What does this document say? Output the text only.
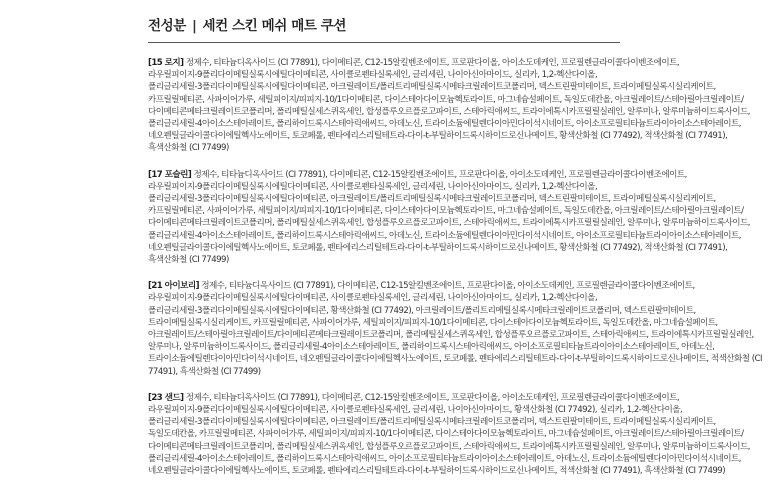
전성분 | 세컨 스킨 메쉬 매트 쿠션

[15 로지] 정제수, 티타늄디옥사이드 (CI 77891), 다이메티콘, C12-15알킬벤조에이트, 프로판다이올, 아이소도데케인, 프로필렌글라이콜다이벤조에이트, 라우릴피이지-9폴리다이메틸실록시에틸다이메티콘, 사이클로펜타실록세인, 글리세린, 나이아신아마이드, 실리카, 1,2-헥산다이올, 폴리글리세릴-3폴리다이메틸실록시에틸다이메티콘, 아크릴레이트/폴리트리메틸실록시메타크릴레이트코폴리머, 덱스트린팔미테이트, 트라이메틸실록시실리케이트, 카프릴릴메티콘, 사파이어가루, 세틸피이지/피피지-10/1다이메티콘, 다이스테아다이모늄헥토라이트, 마그네슘설페이트, 독일도데칸올, 아크릴레이트/스테아릴아크릴레이트/다이메티콘메타크릴레이트코폴리머, 폴리메틸실세스퀴옥세인, 합성플루오르플로고파이트, 스테아릭애씨드, 트라이에톡시카프릴릴실레인, 알루미나, 알루미늄하이드록사이드, 폴리글리세릴-4아이소스테아레이트, 폴리하이드록시스테아릭애씨드, 아데노신, 트라이소듐에틸렌다이아민다이석시네이트, 아이소프로필티타늄트라이아이소스테아레이트, 네오펜틸글라이콜다이에틸헥사노에이트, 토코페롤, 펜타에리스리틸테트라-다이-t-부틸하이드록시하이드로신나메이트, 황색산화철 (CI 77492), 적색산화철 (CI 77491), 흑색산화철 (CI 77499)

[17 포슬린] 정제수, 티타늄디옥사이드 (CI 77891), 다이메티콘, C12-15알킬벤조에이트, 프로판다이올, 아이소도데케인, 프로필렌글라이콜다이벤조에이트, 라우릴피이지-9폴리다이메틸실록시에틸다이메티콘, 사이클로펜타실록세인, 글리세린, 나이아신아마이드, 실리카, 1,2-헥산다이올, 폴리글리세릴-3폴리다이메틸실록시에틸다이메티콘, 아크릴레이트/폴리트리메틸실록시메타크릴레이트코폴리머, 덱스트린팔미테이트, 트라이메틸실록시실리케이트, 카프릴릴메티콘, 사파이어가루, 세틸피이지/피피지-10/1다이메티콘, 다이스테아다이모늄헥토라이트, 마그네슘설페이트, 독일도데칸올, 아크릴레이트/스테아릴아크릴레이트/다이메티콘메타크릴레이트코폴리머, 폴리메틸실세스퀴옥세인, 합성플루오르플로고파이트, 스테아릭애씨드, 트라이에톡시카프릴릴실레인, 알루미나, 알루미늄하이드록사이드, 폴리글리세릴-4아이소스테아레이트, 폴리하이드록시스테아릭애씨드, 아데노신, 트라이소듐에틸렌다이아민다이석시네이트, 아이소프로필티타늄트라이아이소스테아레이트, 네오펜틸글라이콜다이에틸헥사노에이트, 토코페롤, 펜타에리스리틸테트라-다이-t-부틸하이드록시하이드로신나메이트, 황색산화철 (CI 77492), 적색산화철 (CI 77491), 흑색산화철 (CI 77499)

[21 아이보리] 정제수, 티타늄디옥사이드 (CI 77891), 다이메티콘, C12-15알킬벤조에이트, 프로판다이올, 아이소도데케인, 프로필렌글라이콜다이벤조에이트, 라우릴피이지-9폴리다이메틸실록시에틸다이메티콘, 사이클로펜타실록세인, 글리세린, 나이아신아마이드, 실리카, 1,2-헥산다이올, 폴리글리세릴-3폴리다이메틸실록시에틸다이메티콘, 황색산화철 (CI 77492), 아크릴레이트/폴리트리메틸실록시메타크릴레이트코폴리머, 덱스트린팔미테이트, 트라이메틸실록시실리케이트, 카프릴릴메티콘, 사파이어가루, 세틸피이지/피피지-10/1다이메티콘, 다이스테아다이모늄헥토라이트, 독일도데칸올, 마그네슘설페이트, 아크릴레이트/스테아릴아크릴레이트/다이메티콘메타크릴레이트코폴리머, 폴리메틸실세스퀴옥세인, 합성플루오르플로고파이트, 스테아릭애씨드, 트라이에톡시카프릴릴실레인, 알루미나, 알루미늄하이드록사이드, 폴리글리세릴-4아이소스테아레이트, 폴리하이드록시스테아릭애씨드, 아이소프로필티타늄트라이아이소스테아레이트, 아데노신, 트라이소듐에틸렌다이아민다이석시네이트, 네오펜틸글라이콜다이에틸헥사노에이트, 토코페롤, 펜타에리스리틸테트라-다이-t-부틸하이드록시하이드로신나메이트, 적색산화철 (CI 77491), 흑색산화철 (CI 77499)

[23 샌드] 정제수, 티타늄디옥사이드 (CI 77891), 다이메티콘, C12-15알킬벤조에이트, 프로판다이올, 아이소도데케인, 프로필렌글라이콜다이벤조에이트, 라우릴피이지-9폴리다이메틸실록시에틸다이메티콘, 사이클로펜타실록세인, 글리세린, 나이아신아마이드, 황색산화철 (CI 77492), 실리카, 1,2-헥산다이올, 폴리글리세릴-3폴리다이메틸실록시에틸다이메티콘, 아크릴레이트/폴리트리메틸실록시메타크릴레이트코폴리머, 덱스트린팔미테이트, 트라이메틸실록시실리케이트, 독일도데칸올, 카프릴릴메티콘, 사파이어가루, 세틸피이지/피피지-10/1다이메티콘, 다이스테아다이모늄헥토라이트, 마그네슘설페이트, 아크릴레이트/스테아릴아크릴레이트/다이메티콘메타크릴레이트코폴리머, 폴리메틸실세스퀴옥세인, 합성플루오르플로고파이트, 스테아릭애씨드, 트라이에톡시카프릴릴실레인, 알루미나, 알루미늄하이드록사이드, 폴리글리세릴-4아이소스테아레이트, 폴리하이드록시스테아릭애씨드, 아이소프로필티타늄트라이아이소스테아레이트, 아데노신, 트라이소듐에틸렌다이아민다이석시네이트, 네오펜틸글라이콜다이에틸헥사노에이트, 토코페롤, 펜타에리스리틸테트라-다이-t-부틸하이드록시하이드로신나메이트, 적색산화철 (CI 77491), 흑색산화철 (CI 77499)
